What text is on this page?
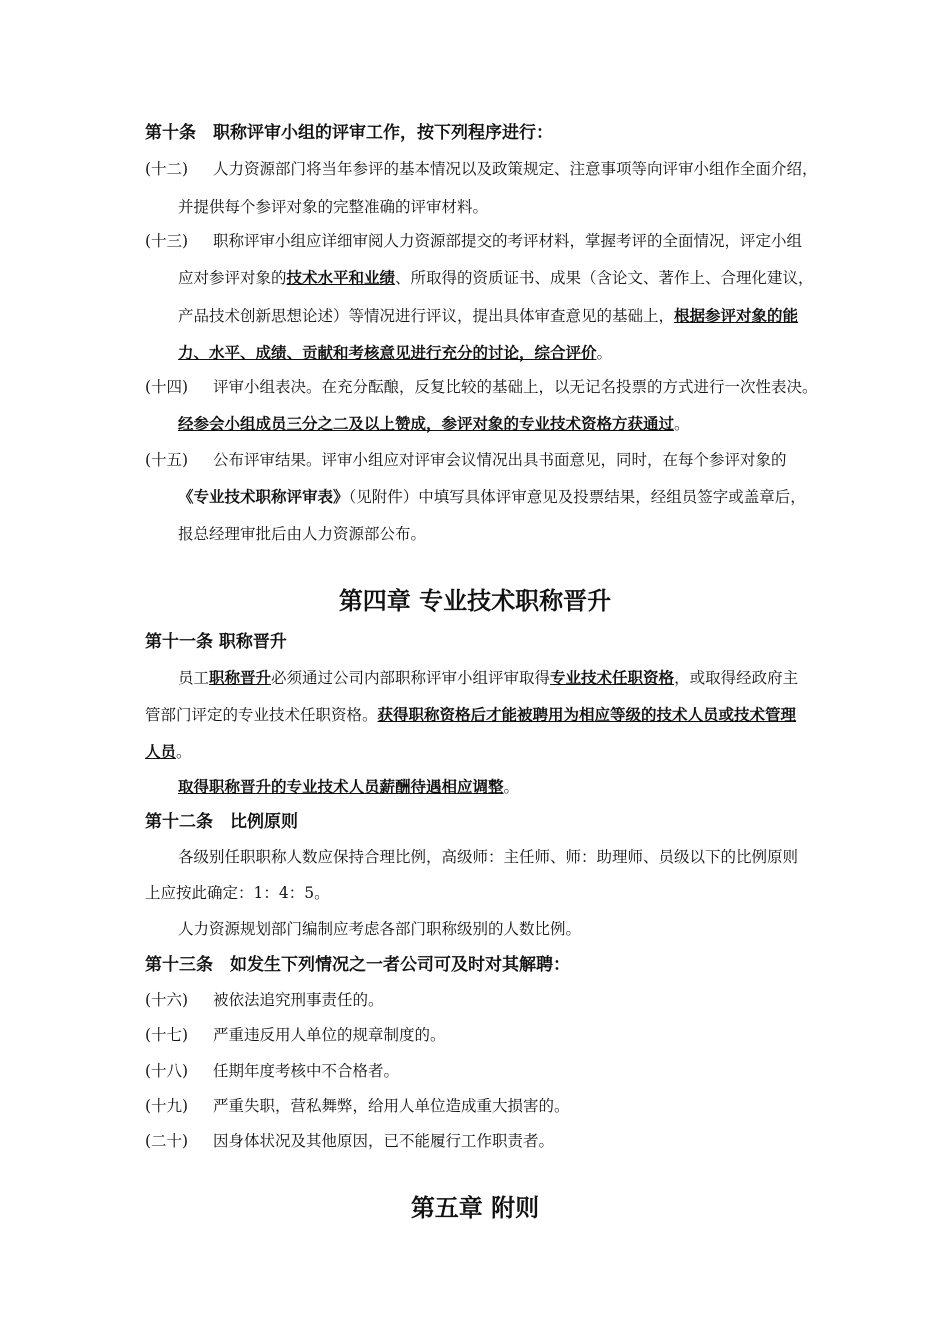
第十条　职称评审小组的评审工作，按下列程序进行：
(十二) 人力资源部门将当年参评的基本情况以及政策规定、注意事项等向评审小组作全面介绍，
并提供每个参评对象的完整准确的评审材料。
(十三) 职称评审小组应详细审阅人力资源部提交的考评材料，掌握考评的全面情况，评定小组
应对参评对象的技术水平和业绩、所取得的资质证书、成果（含论文、著作上、合理化建议，
产品技术创新思想论述）等情况进行评议，提出具体审查意见的基础上，根据参评对象的能
力、水平、成绩、贡献和考核意见进行充分的讨论，综合评价。
(十四) 评审小组表决。在充分酝酿，反复比较的基础上，以无记名投票的方式进行一次性表决。
经参会小组成员三分之二及以上赞成，参评对象的专业技术资格方获通过。
(十五) 公布评审结果。评审小组应对评审会议情况出具书面意见，同时，在每个参评对象的
《专业技术职称评审表》（见附件）中填写具体评审意见及投票结果，经组员签字或盖章后，
报总经理审批后由人力资源部公布。
第四章 专业技术职称晋升
第十一条 职称晋升
员工职称晋升必须通过公司内部职称评审小组评审取得专业技术任职资格，或取得经政府主
管部门评定的专业技术任职资格。获得职称资格后才能被聘用为相应等级的技术人员或技术管理
人员。
取得职称晋升的专业技术人员薪酬待遇相应调整。
第十二条　比例原则
各级别任职职称人数应保持合理比例，高级师：主任师、师：助理师、员级以下的比例原则
上应按此确定：1：4：5。
人力资源规划部门编制应考虑各部门职称级别的人数比例。
第十三条　如发生下列情况之一者公司可及时对其解聘：
(十六) 被依法追究刑事责任的。
(十七) 严重违反用人单位的规章制度的。
(十八) 任期年度考核中不合格者。
(十九) 严重失职，营私舞弊，给用人单位造成重大损害的。
(二十) 因身体状况及其他原因，已不能履行工作职责者。
第五章 附则
